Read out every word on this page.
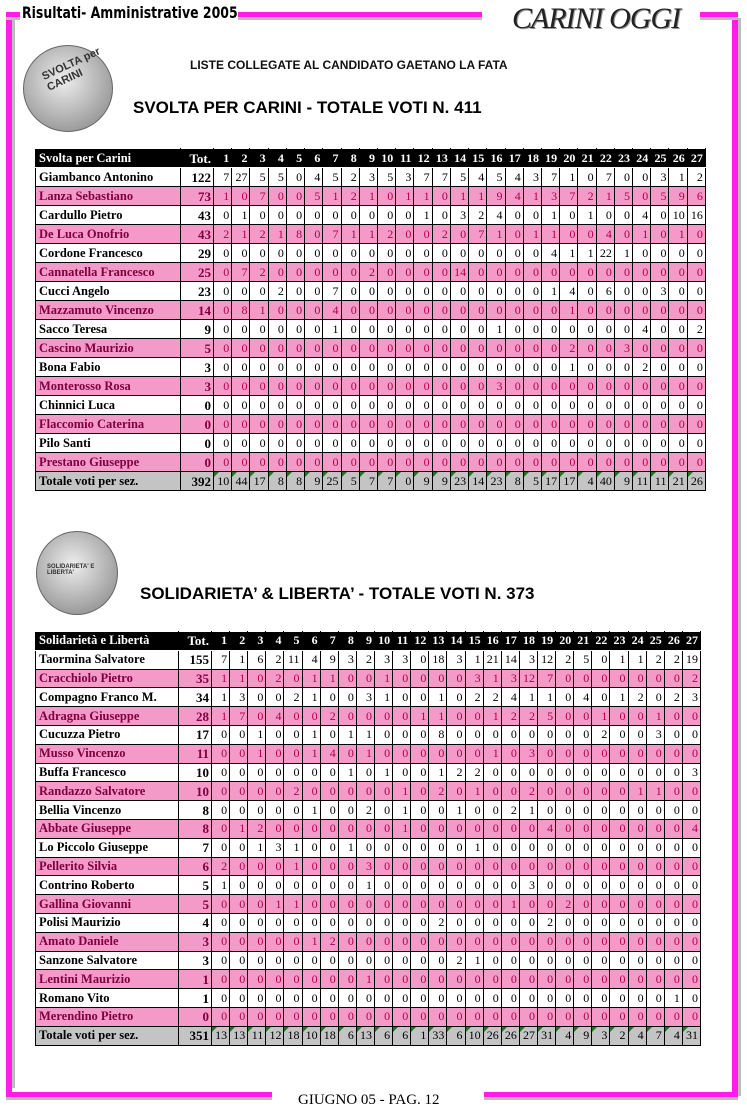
Risultati- Amministrative 2005	CARINI OGGI
SVOLTA per CARINI
LISTE COLLEGATE AL CANDIDATO GAETANO LA FATA
SVOLTA PER CARINI - TOTALE VOTI N. 411
Svolta per Carini	Tot.	1	2	3	4	5	6	7	8	9	10	11	12	13	14	15	16	17	18	19	20	21	22	23	24	25	26	27
Giambanco Antonino	122	7	27	5	5	0	4	5	2	3	5	3	7	7	5	4	5	4	3	7	1	0	7	0	0	3	1	2
Lanza Sebastiano	73	1	0	7	0	0	5	1	2	1	0	1	1	0	1	1	9	4	1	3	7	2	1	5	0	5	9	6
Cardullo Pietro	43	0	1	0	0	0	0	0	0	0	0	0	1	0	3	2	4	0	0	1	0	1	0	0	4	0	10	16
De Luca Onofrio	43	2	1	2	1	8	0	7	1	1	2	0	0	2	0	7	1	0	1	1	0	0	4	0	1	0	1	0
Cordone Francesco	29	0	0	0	0	0	0	0	0	0	0	0	0	0	0	0	0	0	0	4	1	1	22	1	0	0	0	0
Cannatella Francesco	25	0	7	2	0	0	0	0	0	2	0	0	0	0	14	0	0	0	0	0	0	0	0	0	0	0	0	0
Cucci Angelo	23	0	0	0	2	0	0	7	0	0	0	0	0	0	0	0	0	0	0	1	4	0	6	0	0	3	0	0
Mazzamuto Vincenzo	14	0	8	1	0	0	0	4	0	0	0	0	0	0	0	0	0	0	0	0	1	0	0	0	0	0	0	0
Sacco Teresa	9	0	0	0	0	0	0	1	0	0	0	0	0	0	0	0	1	0	0	0	0	0	0	0	4	0	0	2
Cascino Maurizio	5	0	0	0	0	0	0	0	0	0	0	0	0	0	0	0	0	0	0	0	2	0	0	3	0	0	0	0
Bona Fabio	3	0	0	0	0	0	0	0	0	0	0	0	0	0	0	0	0	0	0	0	1	0	0	0	2	0	0	0
Monterosso Rosa	3	0	0	0	0	0	0	0	0	0	0	0	0	0	0	0	3	0	0	0	0	0	0	0	0	0	0	0
Chinnici Luca	0	0	0	0	0	0	0	0	0	0	0	0	0	0	0	0	0	0	0	0	0	0	0	0	0	0	0	0
Flaccomio Caterina	0	0	0	0	0	0	0	0	0	0	0	0	0	0	0	0	0	0	0	0	0	0	0	0	0	0	0	0
Pilo Santi	0	0	0	0	0	0	0	0	0	0	0	0	0	0	0	0	0	0	0	0	0	0	0	0	0	0	0	0
Prestano Giuseppe	0	0	0	0	0	0	0	0	0	0	0	0	0	0	0	0	0	0	0	0	0	0	0	0	0	0	0	0
Totale voti per sez.	392	10	44	17	8	8	9	25	5	7	7	0	9	9	23	14	23	8	5	17	17	4	40	9	11	11	21	26
SOLIDARIETA' E LIBERTA'
SOLIDARIETA’ & LIBERTA’ - TOTALE VOTI N. 373
Solidarietà e Libertà	Tot.	1	2	3	4	5	6	7	8	9	10	11	12	13	14	15	16	17	18	19	20	21	22	23	24	25	26	27
Taormina Salvatore	155	7	1	6	2	11	4	9	3	2	3	3	0	18	3	1	21	14	3	12	2	5	0	1	1	2	2	19
Cracchiolo Pietro	35	1	1	0	2	0	1	1	0	0	1	0	0	0	0	3	1	3	12	7	0	0	0	0	0	0	0	2
Compagno Franco M.	34	1	3	0	0	2	1	0	0	3	1	0	0	1	0	2	2	4	1	1	0	4	0	1	2	0	2	3
Adragna Giuseppe	28	1	7	0	4	0	0	2	0	0	0	0	1	1	0	0	1	2	2	5	0	0	1	0	0	1	0	0
Cucuzza Pietro	17	0	0	1	0	0	1	0	1	1	0	0	0	8	0	0	0	0	0	0	0	0	2	0	0	3	0	0
Musso Vincenzo	11	0	0	1	0	0	1	4	0	1	0	0	0	0	0	0	1	0	3	0	0	0	0	0	0	0	0	0
Buffa Francesco	10	0	0	0	0	0	0	0	1	0	1	0	0	1	2	2	0	0	0	0	0	0	0	0	0	0	0	3
Randazzo Salvatore	10	0	0	0	0	2	0	0	0	0	0	1	0	2	0	1	0	0	2	0	0	0	0	0	1	1	0	0
Bellia Vincenzo	8	0	0	0	0	0	1	0	0	2	0	1	0	0	1	0	0	2	1	0	0	0	0	0	0	0	0	0
Abbate Giuseppe	8	0	1	2	0	0	0	0	0	0	0	1	0	0	0	0	0	0	0	4	0	0	0	0	0	0	0	4
Lo Piccolo Giuseppe	7	0	0	1	3	1	0	0	1	0	0	0	0	0	0	1	0	0	0	0	0	0	0	0	0	0	0	0
Pellerito Silvia	6	2	0	0	0	1	0	0	0	3	0	0	0	0	0	0	0	0	0	0	0	0	0	0	0	0	0	0
Contrino Roberto	5	1	0	0	0	0	0	0	0	1	0	0	0	0	0	0	0	0	3	0	0	0	0	0	0	0	0	0
Gallina Giovanni	5	0	0	0	1	1	0	0	0	0	0	0	0	0	0	0	0	1	0	0	2	0	0	0	0	0	0	0
Polisi Maurizio	4	0	0	0	0	0	0	0	0	0	0	0	0	2	0	0	0	0	0	2	0	0	0	0	0	0	0	0
Amato Daniele	3	0	0	0	0	0	1	2	0	0	0	0	0	0	0	0	0	0	0	0	0	0	0	0	0	0	0	0
Sanzone Salvatore	3	0	0	0	0	0	0	0	0	0	0	0	0	0	2	1	0	0	0	0	0	0	0	0	0	0	0	0
Lentini Maurizio	1	0	0	0	0	0	0	0	0	1	0	0	0	0	0	0	0	0	0	0	0	0	0	0	0	0	0	0
Romano Vito	1	0	0	0	0	0	0	0	0	0	0	0	0	0	0	0	0	0	0	0	0	0	0	0	0	0	1	0
Merendino Pietro	0	0	0	0	0	0	0	0	0	0	0	0	0	0	0	0	0	0	0	0	0	0	0	0	0	0	0	0
Totale voti per sez.	351	13	13	11	12	18	10	18	6	13	6	6	1	33	6	10	26	26	27	31	4	9	3	2	4	7	4	31
GIUGNO 05 - PAG. 12
